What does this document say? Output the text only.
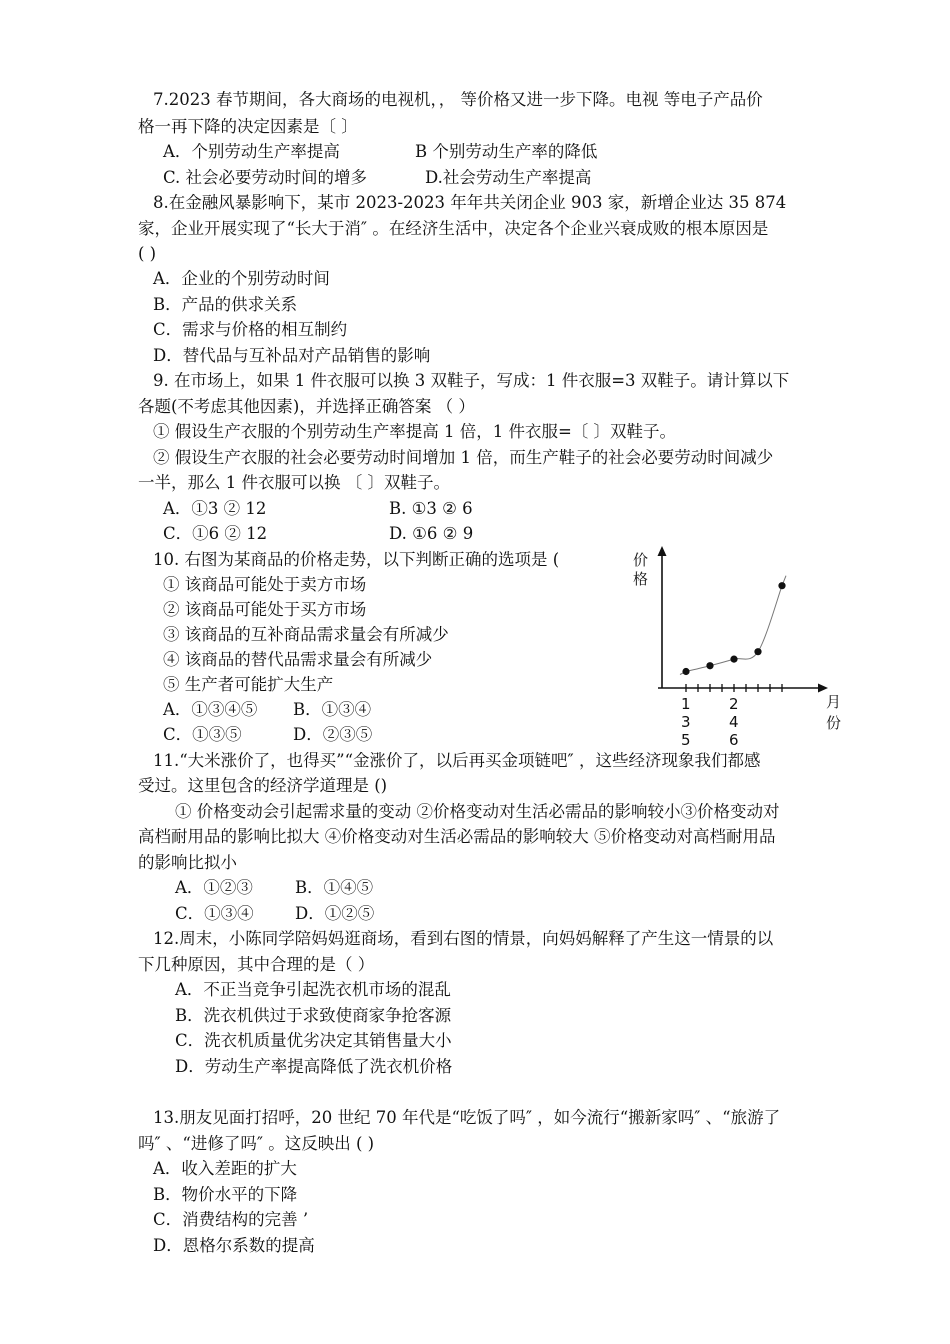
7.2023 春节期间，各大商场的电视机，， 等价格又进一步下降。电视 等电子产品价
格一再下降的决定因素是〔 〕
A．个别劳动生产率提高	B 个别劳动生产率的降低
C. 社会必要劳动时间的增多	D.社会劳动生产率提高
8.在金融风暴影响下，某市 2023-2023 年年共关闭企业 903 家，新增企业达 35 874
家，企业开展实现了“长大于消″ 。在经济生活中，决定各个企业兴衰成败的根本原因是
( )
A．企业的个别劳动时间
B．产品的供求关系
C．需求与价格的相互制约
D．替代品与互补品对产品销售的影响
9. 在市场上，如果 1 件衣服可以换 3 双鞋子，写成：1 件衣服=3 双鞋子。请计算以下
各题(不考虑其他因素)，并选择正确答案 （ ）
① 假设生产衣服的个别劳动生产率提高 1 倍，1 件衣服=〔 〕双鞋子。
② 假设生产衣服的社会必要劳动时间增加 1 倍，而生产鞋子的社会必要劳动时间减少
一半，那么 1 件衣服可以换 〔 〕双鞋子。
A．①3 ② 12	B. ①3 ② 6
C．①6 ② 12	D. ①6 ② 9
10. 右图为某商品的价格走势，以下判断正确的选项是 (
① 该商品可能处于卖方市场
② 该商品可能处于买方市场
③ 该商品的互补商品需求量会有所减少
④ 该商品的替代品需求量会有所减少
⑤ 生产者可能扩大生产
A．①③④⑤ B．①③④
C．①③⑤	D．②③⑤
价
格
月
份
1
3
5
2
4
6
11.“大米涨价了，也得买”“金涨价了，以后再买金项链吧″ ，这些经济现象我们都感
受过。这里包含的经济学道理是 ()
① 价格变动会引起需求量的变动 ②价格变动对生活必需品的影响较小③价格变动对
高档耐用品的影响比拟大 ④价格变动对生活必需品的影响较大 ⑤价格变动对高档耐用品
的影响比拟小
A．①②③	B．①④⑤
C．①③④	D．①②⑤
12.周末，小陈同学陪妈妈逛商场，看到右图的情景，向妈妈解释了产生这一情景的以
下几种原因，其中合理的是（ ）
A．不正当竞争引起洗衣机市场的混乱
B．洗衣机供过于求致使商家争抢客源
C．洗衣机质量优劣决定其销售量大小
D．劳动生产率提高降低了洗衣机价格
13.朋友见面打招呼，20 世纪 70 年代是“吃饭了吗″ ，如今流行“搬新家吗″ 、“旅游了
吗″ 、“进修了吗″ 。这反映出 ( )
A．收入差距的扩大
B．物价水平的下降
C．消费结构的完善 ’
D．恩格尔系数的提高
